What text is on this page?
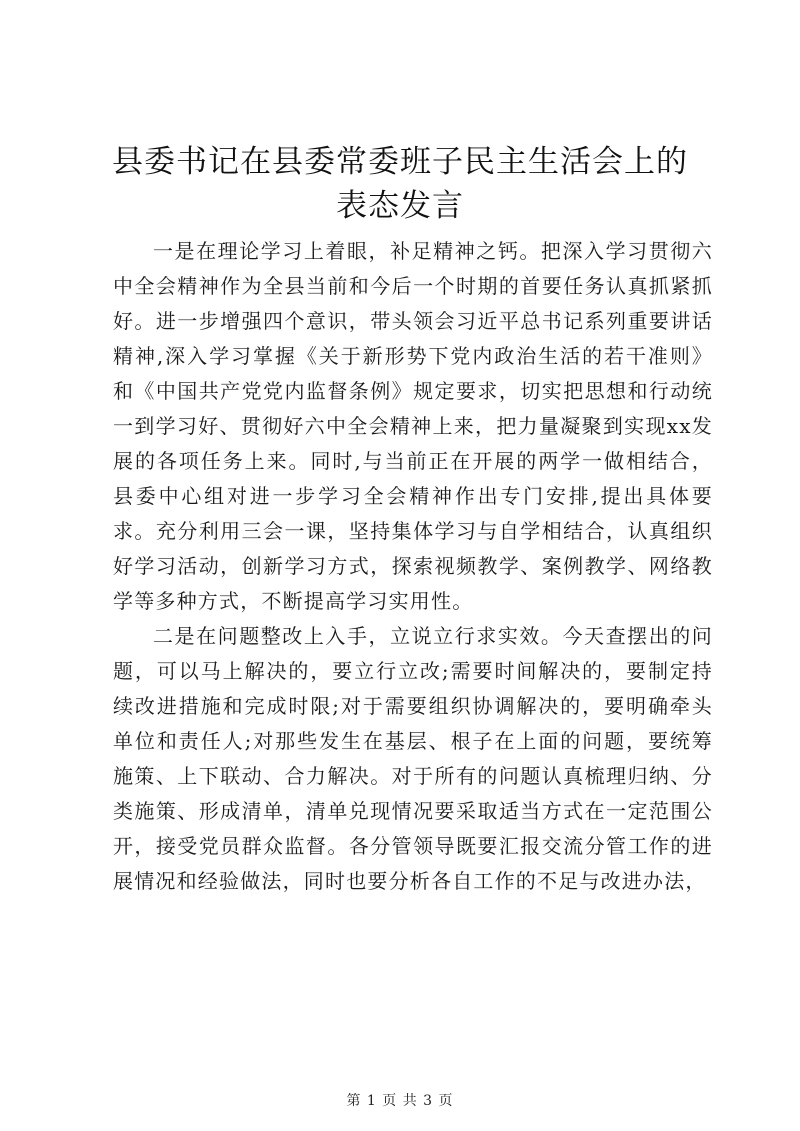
县委书记在县委常委班子民主生活会上的表态发言

一是在理论学习上着眼，补足精神之钙。把深入学习贯彻六中全会精神作为全县当前和今后一个时期的首要任务认真抓紧抓好。进一步增强四个意识，带头领会习近平总书记系列重要讲话精神,深入学习掌握《关于新形势下党内政治生活的若干准则》和《中国共产党党内监督条例》规定要求，切实把思想和行动统一到学习好、贯彻好六中全会精神上来，把力量凝聚到实现xx发展的各项任务上来。同时,与当前正在开展的两学一做相结合，县委中心组对进一步学习全会精神作出专门安排,提出具体要求。充分利用三会一课，坚持集体学习与自学相结合，认真组织好学习活动，创新学习方式，探索视频教学、案例教学、网络教学等多种方式，不断提高学习实用性。

二是在问题整改上入手，立说立行求实效。今天查摆出的问题，可以马上解决的，要立行立改;需要时间解决的，要制定持续改进措施和完成时限;对于需要组织协调解决的，要明确牵头单位和责任人;对那些发生在基层、根子在上面的问题，要统筹施策、上下联动、合力解决。对于所有的问题认真梳理归纳、分类施策、形成清单，清单兑现情况要采取适当方式在一定范围公开，接受党员群众监督。各分管领导既要汇报交流分管工作的进展情况和经验做法，同时也要分析各自工作的不足与改进办法，

第 1 页 共 3 页
